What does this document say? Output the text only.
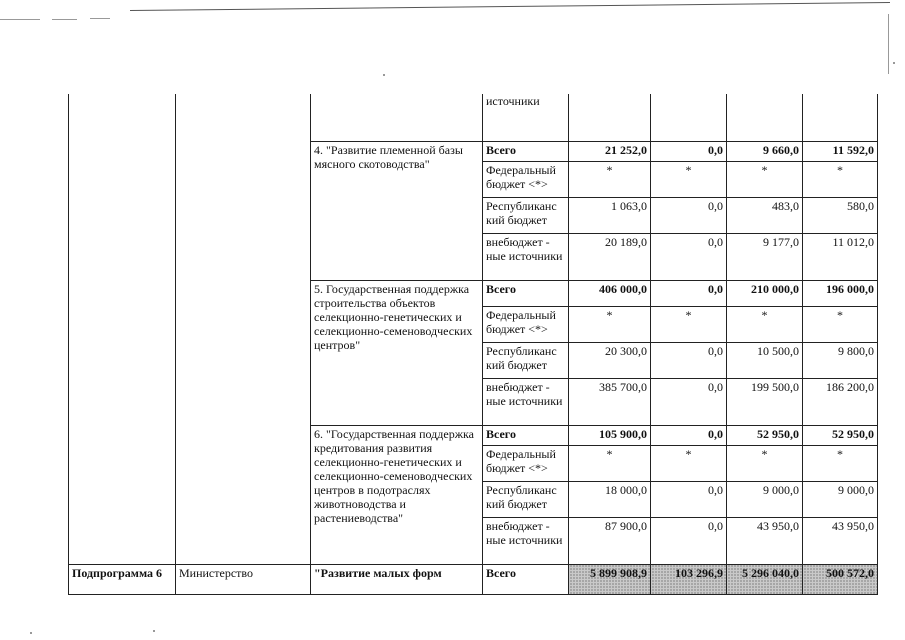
			источники				
		4. "Развитие племенной базы мясного скотоводства"	Всего	21 252,0	0,0	9 660,0	11 592,0
			Федеральный бюджет <*>	*	*	*	*
			Республиканс кий бюджет	1 063,0	0,0	483,0	580,0
			внебюджет - ные источники	20 189,0	0,0	9 177,0	11 012,0
		5. Государственная поддержка строительства объектов селекционно-генетических и селекционно-семеноводческих центров"	Всего	406 000,0	0,0	210 000,0	196 000,0
			Федеральный бюджет <*>	*	*	*	*
			Республиканс кий бюджет	20 300,0	0,0	10 500,0	9 800,0
			внебюджет - ные источники	385 700,0	0,0	199 500,0	186 200,0
		6. "Государственная поддержка кредитования развития селекционно-генетических и селекционно-семеноводческих центров в подотраслях животноводства и растениеводства"	Всего	105 900,0	0,0	52 950,0	52 950,0
			Федеральный бюджет <*>	*	*	*	*
			Республиканс кий бюджет	18 000,0	0,0	9 000,0	9 000,0
			внебюджет - ные источники	87 900,0	0,0	43 950,0	43 950,0
Подпрограмма 6	Министерство	"Развитие малых форм	Всего	5 899 908,9	103 296,9	5 296 040,0	500 572,0
